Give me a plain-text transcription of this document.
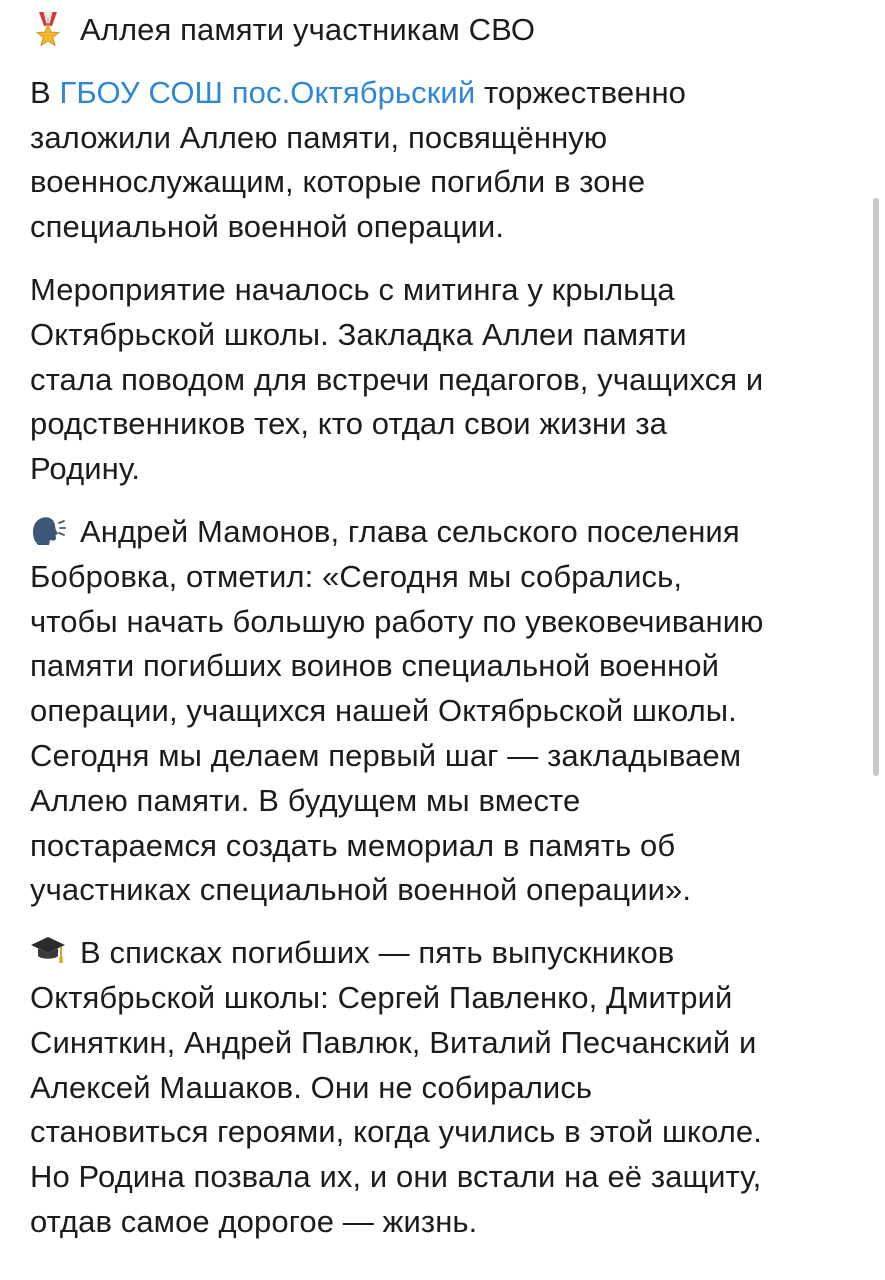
Аллея памяти участникам СВО
В ГБОУ СОШ пос.Октябрьский торжественно
заложили Аллею памяти, посвящённую
военнослужащим, которые погибли в зоне
специальной военной операции.
Мероприятие началось с митинга у крыльца
Октябрьской школы. Закладка Аллеи памяти
стала поводом для встречи педагогов, учащихся и
родственников тех, кто отдал свои жизни за
Родину.
Андрей Мамонов, глава сельского поселения
Бобровка, отметил: «Сегодня мы собрались,
чтобы начать большую работу по увековечиванию
памяти погибших воинов специальной военной
операции, учащихся нашей Октябрьской школы.
Сегодня мы делаем первый шаг — закладываем
Аллею памяти. В будущем мы вместе
постараемся создать мемориал в память об
участниках специальной военной операции».
В списках погибших — пять выпускников
Октябрьской школы: Сергей Павленко, Дмитрий
Синяткин, Андрей Павлюк, Виталий Песчанский и
Алексей Машаков. Они не собирались
становиться героями, когда учились в этой школе.
Но Родина позвала их, и они встали на её защиту,
отдав самое дорогое — жизнь.
